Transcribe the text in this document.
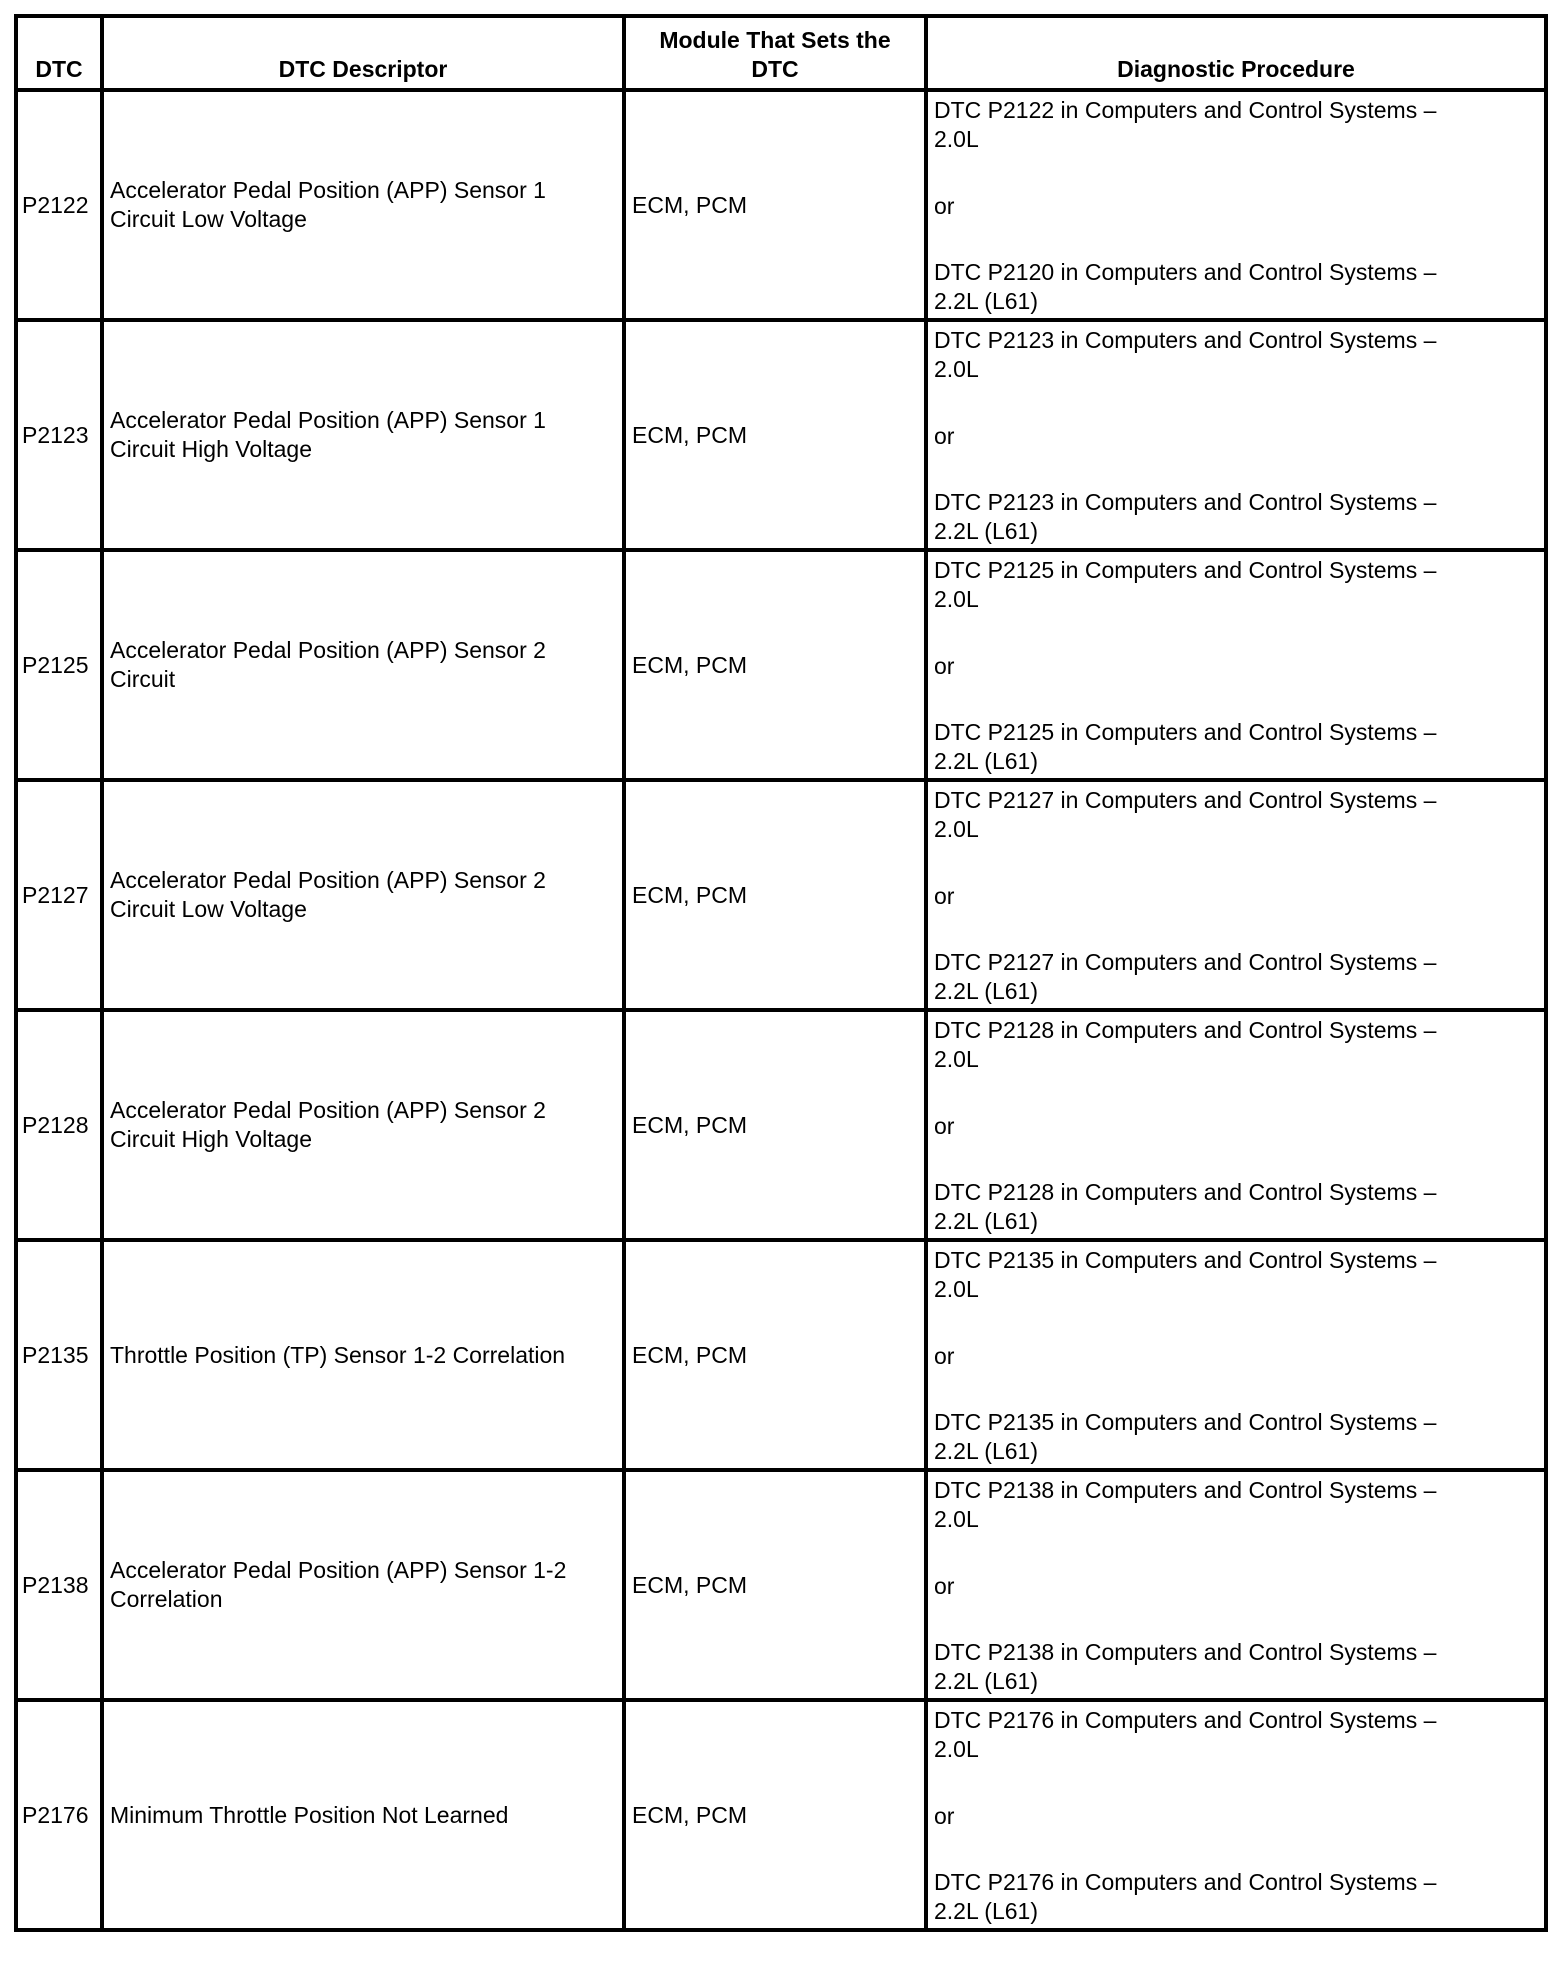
DTC	DTC Descriptor	Module That Sets the
DTC	Diagnostic Procedure
P2122	Accelerator Pedal Position (APP) Sensor 1
Circuit Low Voltage	ECM, PCM	DTC P2122 in Computers and Control Systems –
2.0L
or
DTC P2120 in Computers and Control Systems –
2.2L (L61)

P2123	Accelerator Pedal Position (APP) Sensor 1
Circuit High Voltage	ECM, PCM	DTC P2123 in Computers and Control Systems –
2.0L
or
DTC P2123 in Computers and Control Systems –
2.2L (L61)

P2125	Accelerator Pedal Position (APP) Sensor 2
Circuit	ECM, PCM	DTC P2125 in Computers and Control Systems –
2.0L
or
DTC P2125 in Computers and Control Systems –
2.2L (L61)

P2127	Accelerator Pedal Position (APP) Sensor 2
Circuit Low Voltage	ECM, PCM	DTC P2127 in Computers and Control Systems –
2.0L
or
DTC P2127 in Computers and Control Systems –
2.2L (L61)

P2128	Accelerator Pedal Position (APP) Sensor 2
Circuit High Voltage	ECM, PCM	DTC P2128 in Computers and Control Systems –
2.0L
or
DTC P2128 in Computers and Control Systems –
2.2L (L61)

P2135	Throttle Position (TP) Sensor 1-2 Correlation	ECM, PCM	DTC P2135 in Computers and Control Systems –
2.0L
or
DTC P2135 in Computers and Control Systems –
2.2L (L61)

P2138	Accelerator Pedal Position (APP) Sensor 1-2
Correlation	ECM, PCM	DTC P2138 in Computers and Control Systems –
2.0L
or
DTC P2138 in Computers and Control Systems –
2.2L (L61)

P2176	Minimum Throttle Position Not Learned	ECM, PCM	DTC P2176 in Computers and Control Systems –
2.0L
or
DTC P2176 in Computers and Control Systems –
2.2L (L61)
